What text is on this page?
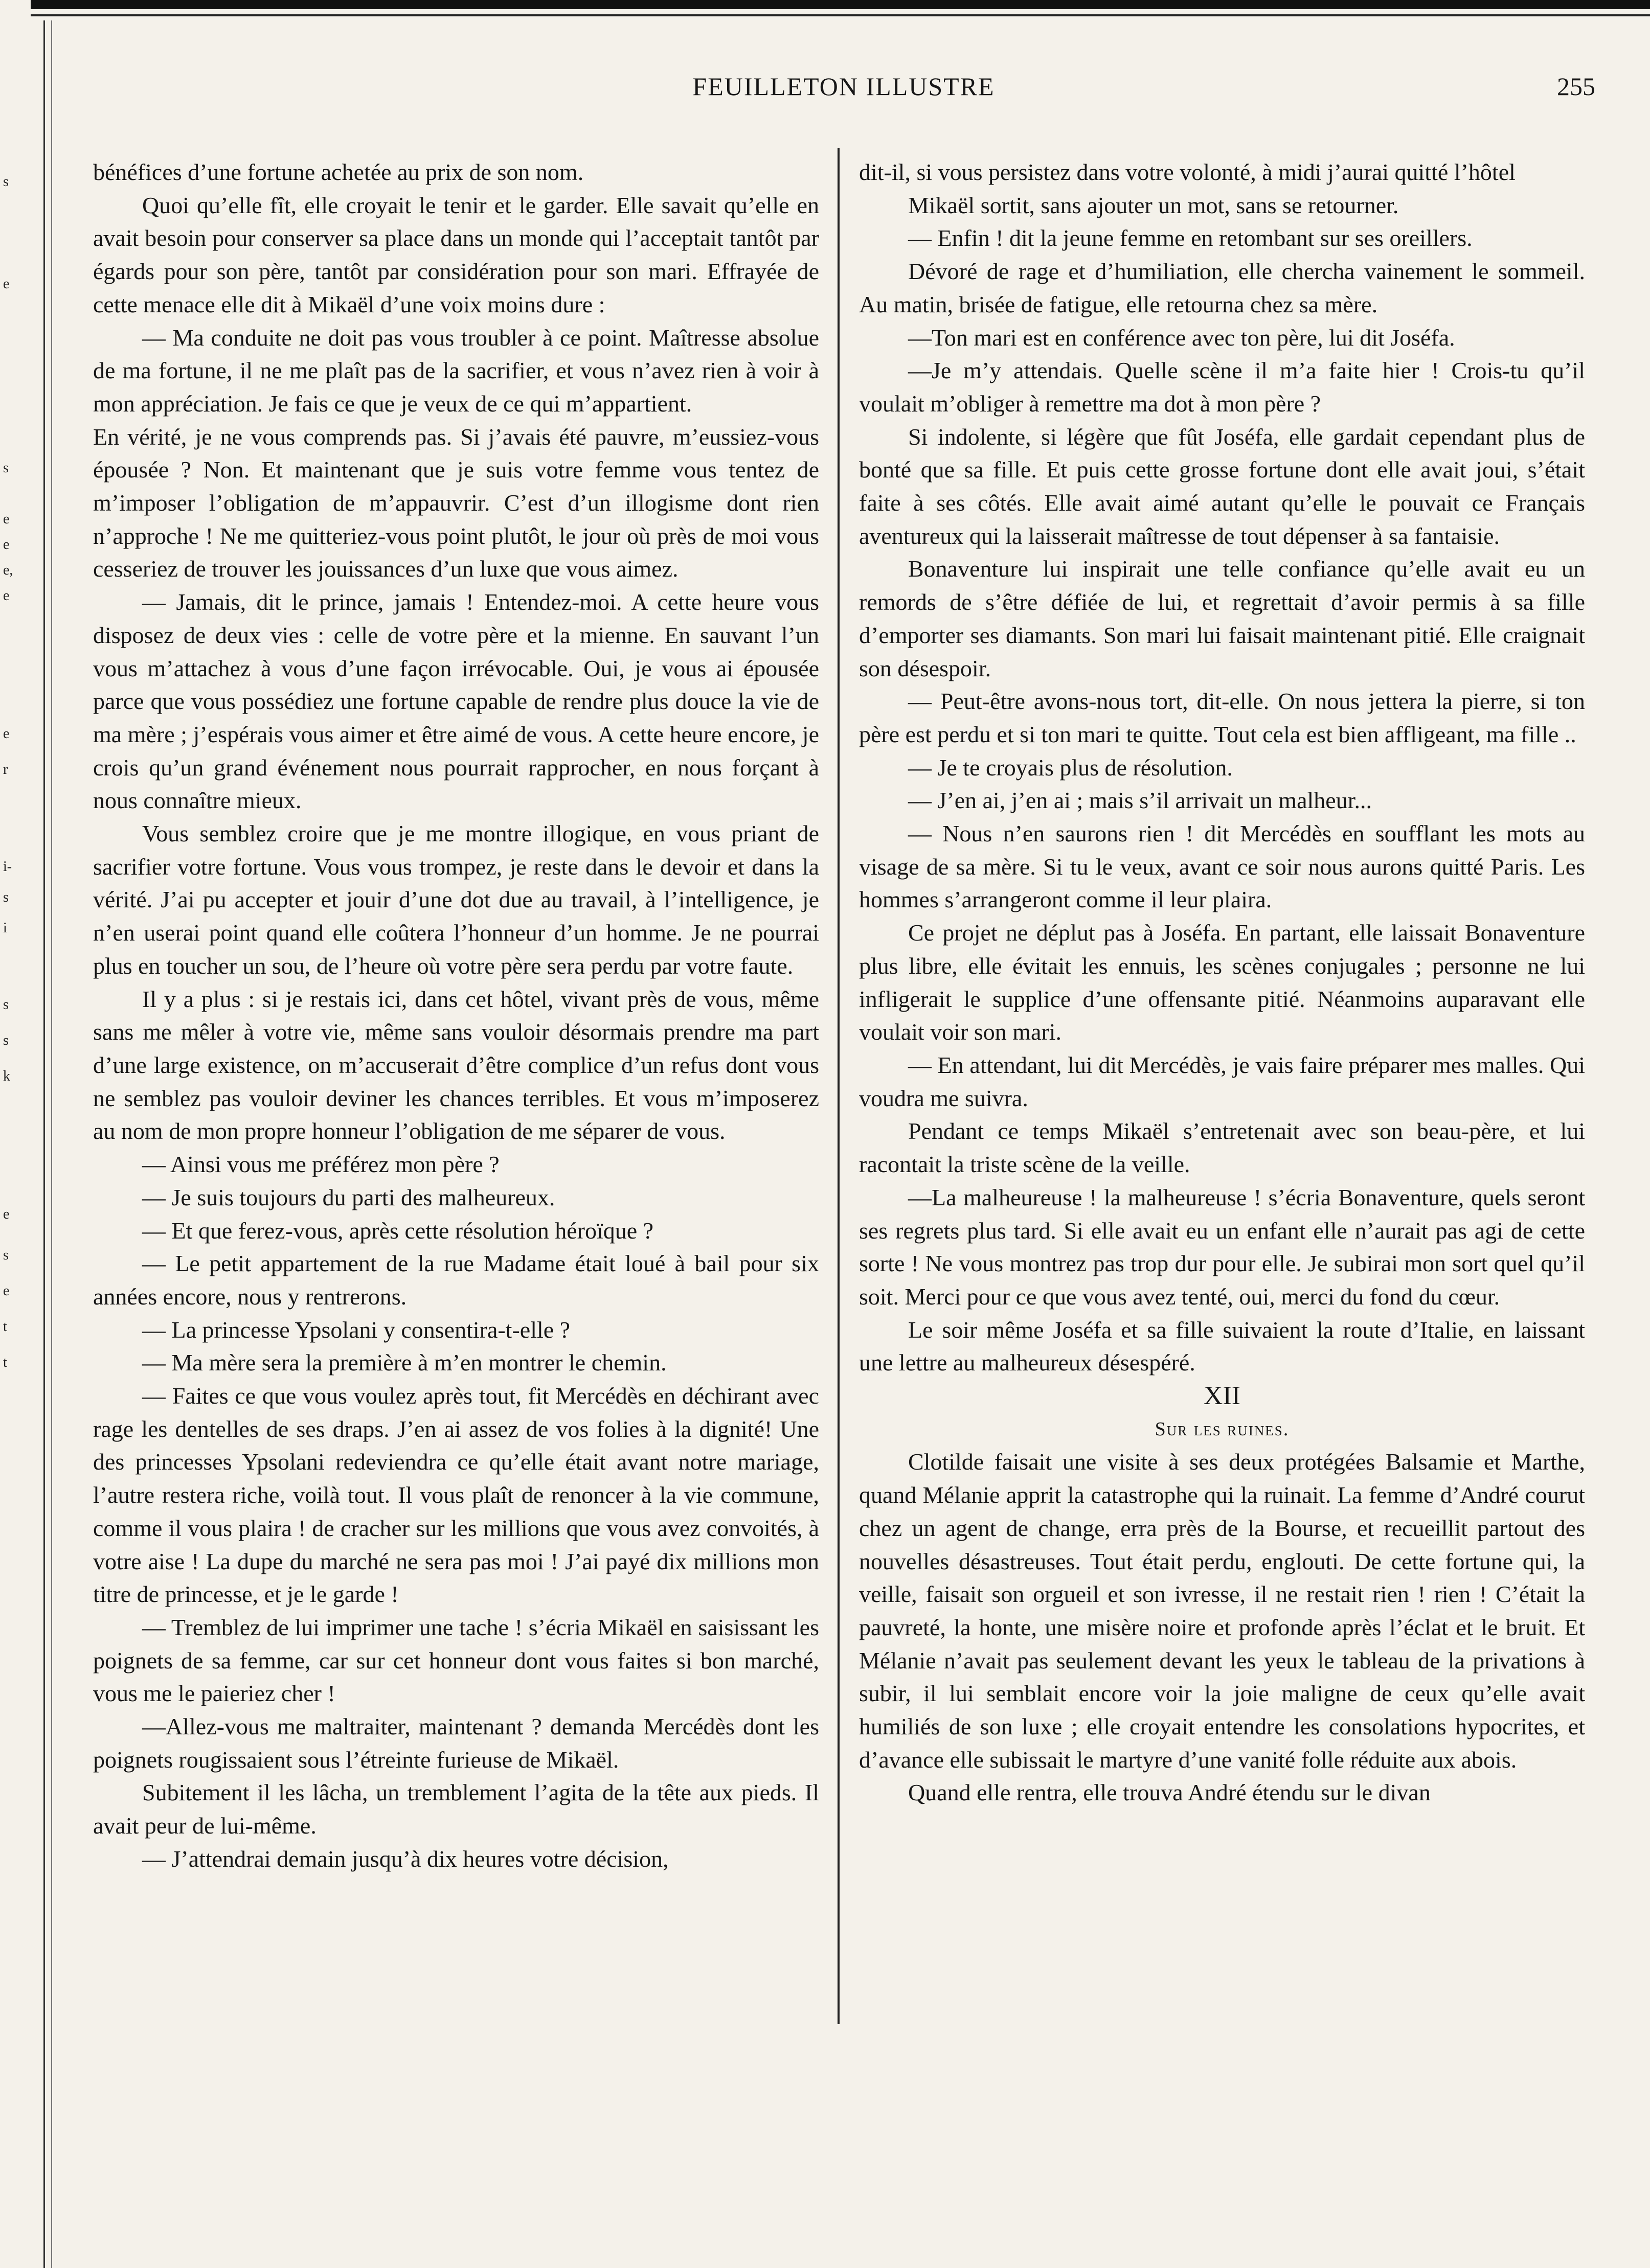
s
e
s
e
e
e,
e
e
r
i-
s
i
s
s
k
e
s
e
t
t
FEUILLETON ILLUSTRE	255

bénéfices d’une fortune achetée au prix de son nom.

Quoi qu’elle fît, elle croyait le tenir et le garder. Elle savait qu’elle en avait besoin pour conserver sa place dans un monde qui l’acceptait tantôt par égards pour son père, tantôt par considération pour son mari. Effrayée de cette menace elle dit à Mikaël d’une voix moins dure :

— Ma conduite ne doit pas vous troubler à ce point. Maîtresse absolue de ma fortune, il ne me plaît pas de la sacrifier, et vous n’avez rien à voir à mon appréciation. Je fais ce que je veux de ce qui m’appartient.

En vérité, je ne vous comprends pas. Si j’avais été pauvre, m’eussiez-vous épousée ? Non. Et maintenant que je suis votre femme vous tentez de m’imposer l’obligation de m’appauvrir. C’est d’un illogisme dont rien n’approche ! Ne me quitteriez-vous point plutôt, le jour où près de moi vous cesseriez de trouver les jouissances d’un luxe que vous aimez.

— Jamais, dit le prince, jamais ! Entendez-moi. A cette heure vous disposez de deux vies : celle de votre père et la mienne. En sauvant l’un vous m’attachez à vous d’une façon irrévocable. Oui, je vous ai épousée parce que vous possédiez une fortune capable de rendre plus douce la vie de ma mère ; j’espérais vous aimer et être aimé de vous. A cette heure encore, je crois qu’un grand événement nous pourrait rapprocher, en nous forçant à nous connaître mieux.

Vous semblez croire que je me montre illogique, en vous priant de sacrifier votre fortune. Vous vous trompez, je reste dans le devoir et dans la vérité. J’ai pu accepter et jouir d’une dot due au travail, à l’intelligence, je n’en userai point quand elle coûtera l’honneur d’un homme. Je ne pourrai plus en toucher un sou, de l’heure où votre père sera perdu par votre faute.

Il y a plus : si je restais ici, dans cet hôtel, vivant près de vous, même sans me mêler à votre vie, même sans vouloir désormais prendre ma part d’une large existence, on m’accuserait d’être complice d’un refus dont vous ne semblez pas vouloir deviner les chances terribles. Et vous m’imposerez au nom de mon propre honneur l’obligation de me séparer de vous.

— Ainsi vous me préférez mon père ?

— Je suis toujours du parti des malheureux.

— Et que ferez-vous, après cette résolution héroïque ?

— Le petit appartement de la rue Madame était loué à bail pour six années encore, nous y rentrerons.

— La princesse Ypsolani y consentira-t-elle ?

— Ma mère sera la première à m’en montrer le chemin.

— Faites ce que vous voulez après tout, fit Mercédès en déchirant avec rage les dentelles de ses draps. J’en ai assez de vos folies à la dignité! Une des princesses Ypsolani redeviendra ce qu’elle était avant notre mariage, l’autre restera riche, voilà tout. Il vous plaît de renoncer à la vie commune, comme il vous plaira ! de cracher sur les millions que vous avez convoités, à votre aise ! La dupe du marché ne sera pas moi ! J’ai payé dix millions mon titre de princesse, et je le garde !

— Tremblez de lui imprimer une tache ! s’écria Mikaël en saisissant les poignets de sa femme, car sur cet honneur dont vous faites si bon marché, vous me le paieriez cher !

—Allez-vous me maltraiter, maintenant ? demanda Mercédès dont les poignets rougissaient sous l’étreinte furieuse de Mikaël.

Subitement il les lâcha, un tremblement l’agita de la tête aux pieds. Il avait peur de lui-même.

— J’attendrai demain jusqu’à dix heures votre décision,

dit-il, si vous persistez dans votre volonté, à midi j’aurai quitté l’hôtel

Mikaël sortit, sans ajouter un mot, sans se retourner.

— Enfin ! dit la jeune femme en retombant sur ses oreillers.

Dévoré de rage et d’humiliation, elle chercha vainement le sommeil. Au matin, brisée de fatigue, elle retourna chez sa mère.

—Ton mari est en conférence avec ton père, lui dit Joséfa.

—Je m’y attendais. Quelle scène il m’a faite hier ! Crois-tu qu’il voulait m’obliger à remettre ma dot à mon père ?

Si indolente, si légère que fût Joséfa, elle gardait cependant plus de bonté que sa fille. Et puis cette grosse fortune dont elle avait joui, s’était faite à ses côtés. Elle avait aimé autant qu’elle le pouvait ce Français aventureux qui la laisserait maîtresse de tout dépenser à sa fantaisie.

Bonaventure lui inspirait une telle confiance qu’elle avait eu un remords de s’être défiée de lui, et regrettait d’avoir permis à sa fille d’emporter ses diamants. Son mari lui faisait maintenant pitié. Elle craignait son désespoir.

— Peut-être avons-nous tort, dit-elle. On nous jettera la pierre, si ton père est perdu et si ton mari te quitte. Tout cela est bien affligeant, ma fille ..

— Je te croyais plus de résolution.

— J’en ai, j’en ai ; mais s’il arrivait un malheur...

— Nous n’en saurons rien ! dit Mercédès en soufflant les mots au visage de sa mère. Si tu le veux, avant ce soir nous aurons quitté Paris. Les hommes s’arrangeront comme il leur plaira.

Ce projet ne déplut pas à Joséfa. En partant, elle laissait Bonaventure plus libre, elle évitait les ennuis, les scènes conjugales ; personne ne lui infligerait le supplice d’une offensante pitié. Néanmoins auparavant elle voulait voir son mari.

— En attendant, lui dit Mercédès, je vais faire préparer mes malles. Qui voudra me suivra.

Pendant ce temps Mikaël s’entretenait avec son beau-père, et lui racontait la triste scène de la veille.

—La malheureuse ! la malheureuse ! s’écria Bonaventure, quels seront ses regrets plus tard. Si elle avait eu un enfant elle n’aurait pas agi de cette sorte ! Ne vous montrez pas trop dur pour elle. Je subirai mon sort quel qu’il soit. Merci pour ce que vous avez tenté, oui, merci du fond du cœur.

Le soir même Joséfa et sa fille suivaient la route d’Italie, en laissant une lettre au malheureux désespéré.

XII

Sur les ruines.

Clotilde faisait une visite à ses deux protégées Balsamie et Marthe, quand Mélanie apprit la catastrophe qui la ruinait. La femme d’André courut chez un agent de change, erra près de la Bourse, et recueillit partout des nouvelles désastreuses. Tout était perdu, englouti. De cette fortune qui, la veille, faisait son orgueil et son ivresse, il ne restait rien ! rien ! C’était la pauvreté, la honte, une misère noire et profonde après l’éclat et le bruit. Et Mélanie n’avait pas seulement devant les yeux le tableau de la privations à subir, il lui semblait encore voir la joie maligne de ceux qu’elle avait humiliés de son luxe ; elle croyait entendre les consolations hypocrites, et d’avance elle subissait le martyre d’une vanité folle réduite aux abois.

Quand elle rentra, elle trouva André étendu sur le divan
